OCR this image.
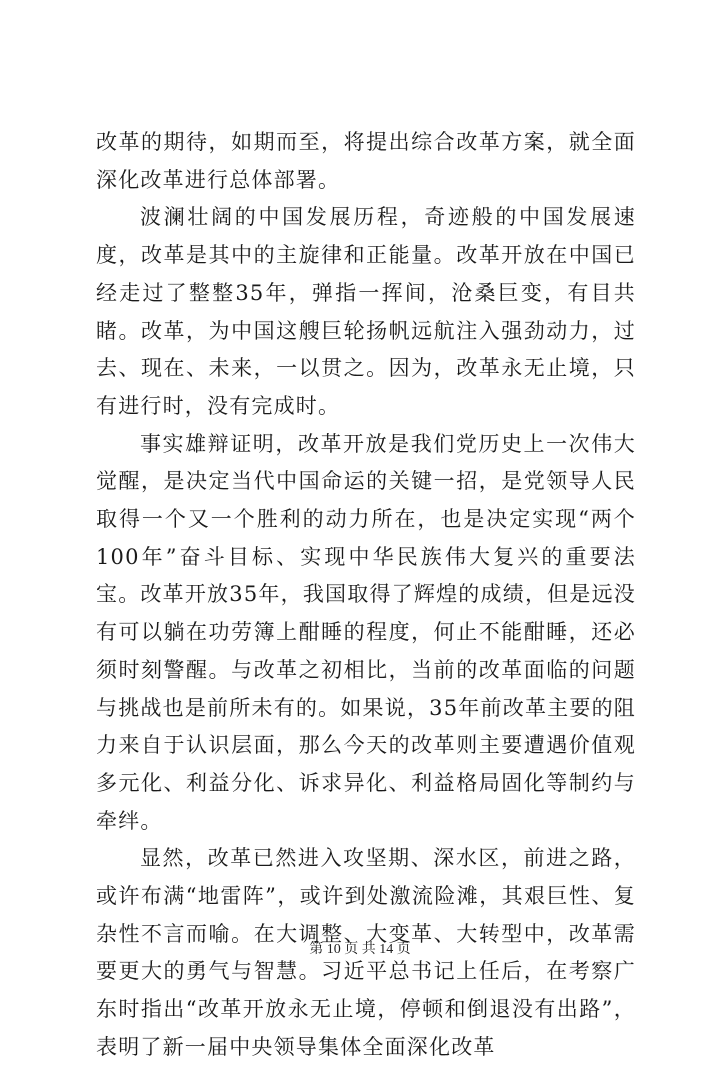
改革的期待，如期而至，将提出综合改革方案，就全面深化改革进行总体部署。

波澜壮阔的中国发展历程，奇迹般的中国发展速度，改革是其中的主旋律和正能量。改革开放在中国已经走过了整整35年，弹指一挥间，沧桑巨变，有目共睹。改革，为中国这艘巨轮扬帆远航注入强劲动力，过去、现在、未来，一以贯之。因为，改革永无止境，只有进行时，没有完成时。

事实雄辩证明，改革开放是我们党历史上一次伟大觉醒，是决定当代中国命运的关键一招，是党领导人民取得一个又一个胜利的动力所在，也是决定实现“两个100年”奋斗目标、实现中华民族伟大复兴的重要法宝。改革开放35年，我国取得了辉煌的成绩，但是远没有可以躺在功劳簿上酣睡的程度，何止不能酣睡，还必须时刻警醒。与改革之初相比，当前的改革面临的问题与挑战也是前所未有的。如果说，35年前改革主要的阻力来自于认识层面，那么今天的改革则主要遭遇价值观多元化、利益分化、诉求异化、利益格局固化等制约与牵绊。

显然，改革已然进入攻坚期、深水区，前进之路，或许布满“地雷阵”，或许到处激流险滩，其艰巨性、复杂性不言而喻。在大调整、大变革、大转型中，改革需要更大的勇气与智慧。习近平总书记上任后，在考察广东时指出“改革开放永无止境，停顿和倒退没有出路”，表明了新一届中央领导集体全面深化改革

第 10 页 共 14 页
